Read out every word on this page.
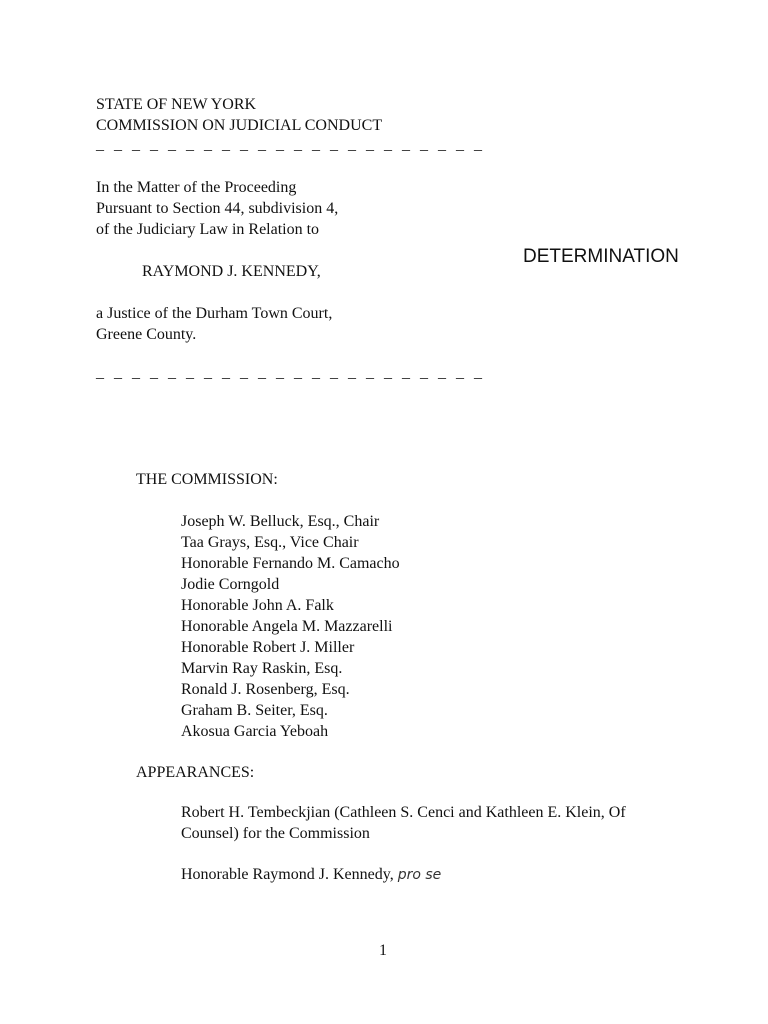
STATE OF NEW YORK
COMMISSION ON JUDICIAL CONDUCT
_ _ _ _ _ _ _ _ _ _ _ _ _ _ _ _ _ _ _ _ _ _
In the Matter of the Proceeding
Pursuant to Section 44, subdivision 4,
of the Judiciary Law in Relation to
RAYMOND J. KENNEDY,
DETERMINATION
a Justice of the Durham Town Court,
Greene County.
_ _ _ _ _ _ _ _ _ _ _ _ _ _ _ _ _ _ _ _ _ _
THE COMMISSION:
Joseph W. Belluck, Esq., Chair
Taa Grays, Esq., Vice Chair
Honorable Fernando M. Camacho
Jodie Corngold
Honorable John A. Falk
Honorable Angela M. Mazzarelli
Honorable Robert J. Miller
Marvin Ray Raskin, Esq.
Ronald J. Rosenberg, Esq.
Graham B. Seiter, Esq.
Akosua Garcia Yeboah
APPEARANCES:
Robert H. Tembeckjian (Cathleen S. Cenci and Kathleen E. Klein, Of
Counsel) for the Commission
Honorable Raymond J. Kennedy, pro se
1
